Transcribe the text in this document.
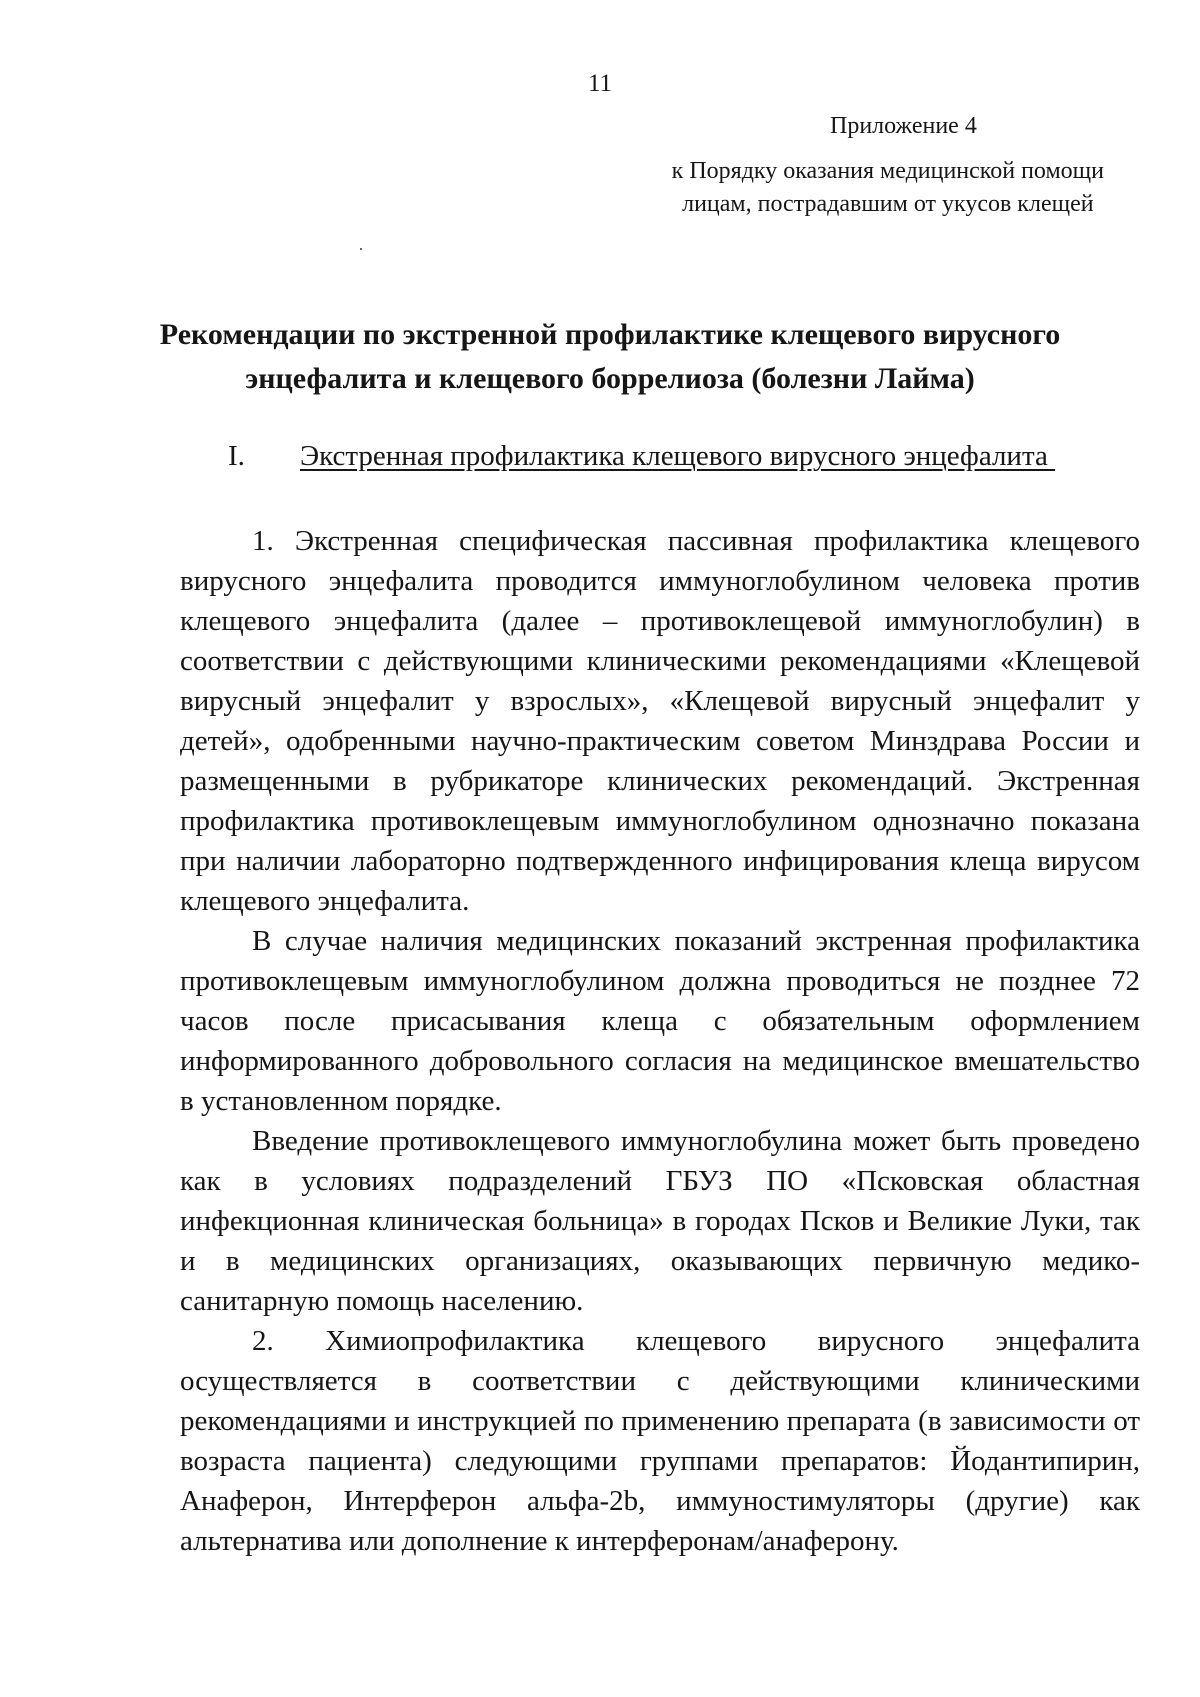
11
Приложение 4
к Порядку оказания медицинской помощи
лицам, пострадавшим от укусов клещей
Рекомендации по экстренной профилактике клещевого вирусного
энцефалита и клещевого боррелиоза (болезни Лайма)
I. Экстренная профилактика клещевого вирусного энцефалита

1. Экстренная специфическая пассивная профилактика клещевого вирусного энцефалита проводится иммуноглобулином человека против клещевого энцефалита (далее – противоклещевой иммуноглобулин) в соответствии с действующими клиническими рекомендациями «Клещевой вирусный энцефалит у взрослых», «Клещевой вирусный энцефалит у детей», одобренными научно-практическим советом Минздрава России и размещенными в рубрикаторе клинических рекомендаций. Экстренная профилактика противоклещевым иммуноглобулином однозначно показана при наличии лабораторно подтвержденного инфицирования клеща вирусом клещевого энцефалита.

В случае наличия медицинских показаний экстренная профилактика противоклещевым иммуноглобулином должна проводиться не позднее 72 часов после присасывания клеща с обязательным оформлением информированного добровольного согласия на медицинское вмешательство в установленном порядке.

Введение противоклещевого иммуноглобулина может быть проведено как в условиях подразделений ГБУЗ ПО «Псковская областная инфекционная клиническая больница» в городах Псков и Великие Луки, так и в медицинских организациях, оказывающих первичную медико-санитарную помощь населению.

2. Химиопрофилактика клещевого вирусного энцефалита осуществляется в соответствии с действующими клиническими рекомендациями и инструкцией по применению препарата (в зависимости от возраста пациента) следующими группами препаратов: Йодантипирин, Анаферон, Интерферон альфа-2b, иммуностимуляторы (другие) как альтернатива или дополнение к интерферонам/анаферону.
